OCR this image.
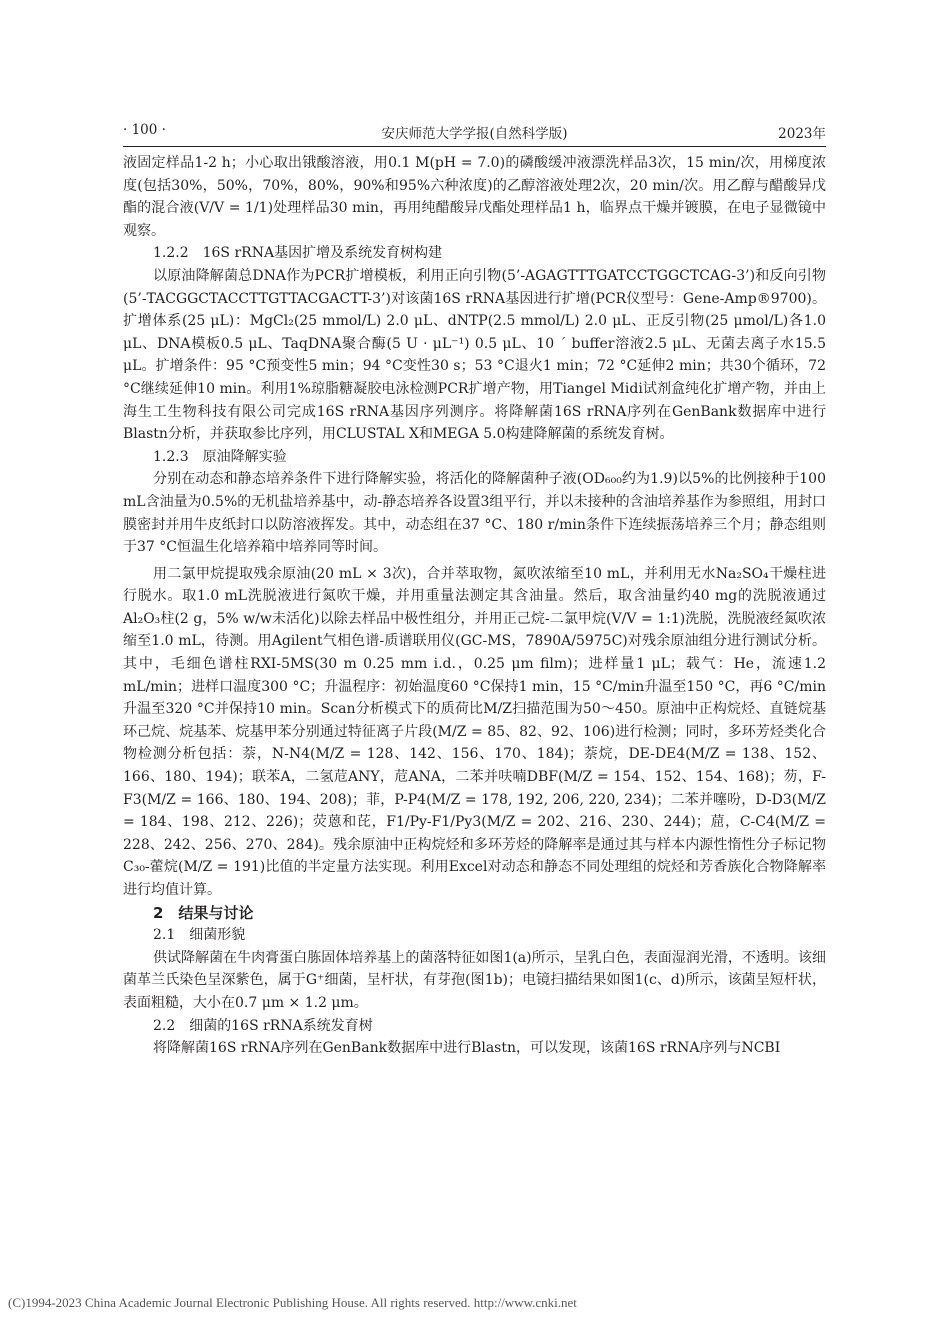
· 100 ·	安庆师范大学学报(自然科学版)	2023年

液固定样品1-2 h；小心取出锇酸溶液，用0.1 M(pH = 7.0)的磷酸缓冲液漂洗样品3次，15 min/次，用梯度浓度(包括30%，50%，70%，80%，90%和95%六种浓度)的乙醇溶液处理2次，20 min/次。用乙醇与醋酸异戊酯的混合液(V/V = 1/1)处理样品30 min，再用纯醋酸异戊酯处理样品1 h，临界点干燥并镀膜，在电子显微镜中观察。

1.2.2　16S rRNA基因扩增及系统发育树构建

以原油降解菌总DNA作为PCR扩增模板，利用正向引物(5’-AGAGTTTGATCCTGGCTCAG-3’)和反向引物(5’-TACGGCTACCTTGTTACGACTT-3’)对该菌16S rRNA基因进行扩增(PCR仪型号：Gene-Amp®9700)。扩增体系(25 μL)：MgCl₂(25 mmol/L) 2.0 μL、dNTP(2.5 mmol/L) 2.0 μL、正反引物(25 μmol/L)各1.0 μL、DNA模板0.5 μL、TaqDNA聚合酶(5 U · μL⁻¹) 0.5 μL、10 ´ buffer溶液2.5 μL、无菌去离子水15.5 μL。扩增条件：95 °C预变性5 min；94 °C变性30 s；53 °C退火1 min；72 °C延伸2 min；共30个循环，72 °C继续延伸10 min。利用1%琼脂糖凝胶电泳检测PCR扩增产物，用Tiangel Midi试剂盒纯化扩增产物，并由上海生工生物科技有限公司完成16S rRNA基因序列测序。将降解菌16S rRNA序列在GenBank数据库中进行Blastn分析，并获取参比序列，用CLUSTAL X和MEGA 5.0构建降解菌的系统发育树。

1.2.3　原油降解实验

分别在动态和静态培养条件下进行降解实验，将活化的降解菌种子液(OD₆₀₀约为1.9)以5%的比例接种于100 mL含油量为0.5%的无机盐培养基中，动-静态培养各设置3组平行，并以未接种的含油培养基作为参照组，用封口膜密封并用牛皮纸封口以防溶液挥发。其中，动态组在37 °C、180 r/min条件下连续振荡培养三个月；静态组则于37 °C恒温生化培养箱中培养同等时间。

用二氯甲烷提取残余原油(20 mL × 3次)，合并萃取物，氮吹浓缩至10 mL，并利用无水Na₂SO₄干燥柱进行脱水。取1.0 mL洗脱液进行氮吹干燥，并用重量法测定其含油量。然后，取含油量约40 mg的洗脱液通过Al₂O₃柱(2 g，5% w/w未活化)以除去样品中极性组分，并用正己烷-二氯甲烷(V/V = 1:1)洗脱，洗脱液经氮吹浓缩至1.0 mL，待测。用Agilent气相色谱-质谱联用仪(GC-MS，7890A/5975C)对残余原油组分进行测试分析。其中，毛细色谱柱RXI-5MS(30 m 0.25 mm i.d.，0.25 μm film)；进样量1 μL；载气：He，流速1.2 mL/min；进样口温度300 °C；升温程序：初始温度60 °C保持1 min，15 °C/min升温至150 °C，再6 °C/min升温至320 °C并保持10 min。Scan分析模式下的质荷比M/Z扫描范围为50～450。原油中正构烷烃、直链烷基环己烷、烷基苯、烷基甲苯分别通过特征离子片段(M/Z = 85、82、92、106)进行检测；同时，多环芳烃类化合物检测分析包括：萘，N-N4(M/Z = 128、142、156、170、184)；萘烷，DE-DE4(M/Z = 138、152、166、180、194)；联苯A，二氢苊ANY，苊ANA，二苯并呋喃DBF(M/Z = 154、152、154、168)；芴，F-F3(M/Z = 166、180、194、208)；菲，P-P4(M/Z = 178, 192, 206, 220, 234)；二苯并噻吩，D-D3(M/Z = 184、198、212、226)；荧蒽和芘，F1/Py-F1/Py3(M/Z = 202、216、230、244)；䓛，C-C4(M/Z = 228、242、256、270、284)。残余原油中正构烷烃和多环芳烃的降解率是通过其与样本内源性惰性分子标记物C₃₀-藿烷(M/Z = 191)比值的半定量方法实现。利用Excel对动态和静态不同处理组的烷烃和芳香族化合物降解率进行均值计算。

2　结果与讨论

2.1　细菌形貌

供试降解菌在牛肉膏蛋白胨固体培养基上的菌落特征如图1(a)所示，呈乳白色，表面湿润光滑，不透明。该细菌革兰氏染色呈深紫色，属于G⁺细菌，呈杆状，有芽孢(图1b)；电镜扫描结果如图1(c、d)所示，该菌呈短杆状，表面粗糙，大小在0.7 μm × 1.2 μm。

2.2　细菌的16S rRNA系统发育树

将降解菌16S rRNA序列在GenBank数据库中进行Blastn，可以发现，该菌16S rRNA序列与NCBI

(C)1994-2023 China Academic Journal Electronic Publishing House. All rights reserved. http://www.cnki.net
